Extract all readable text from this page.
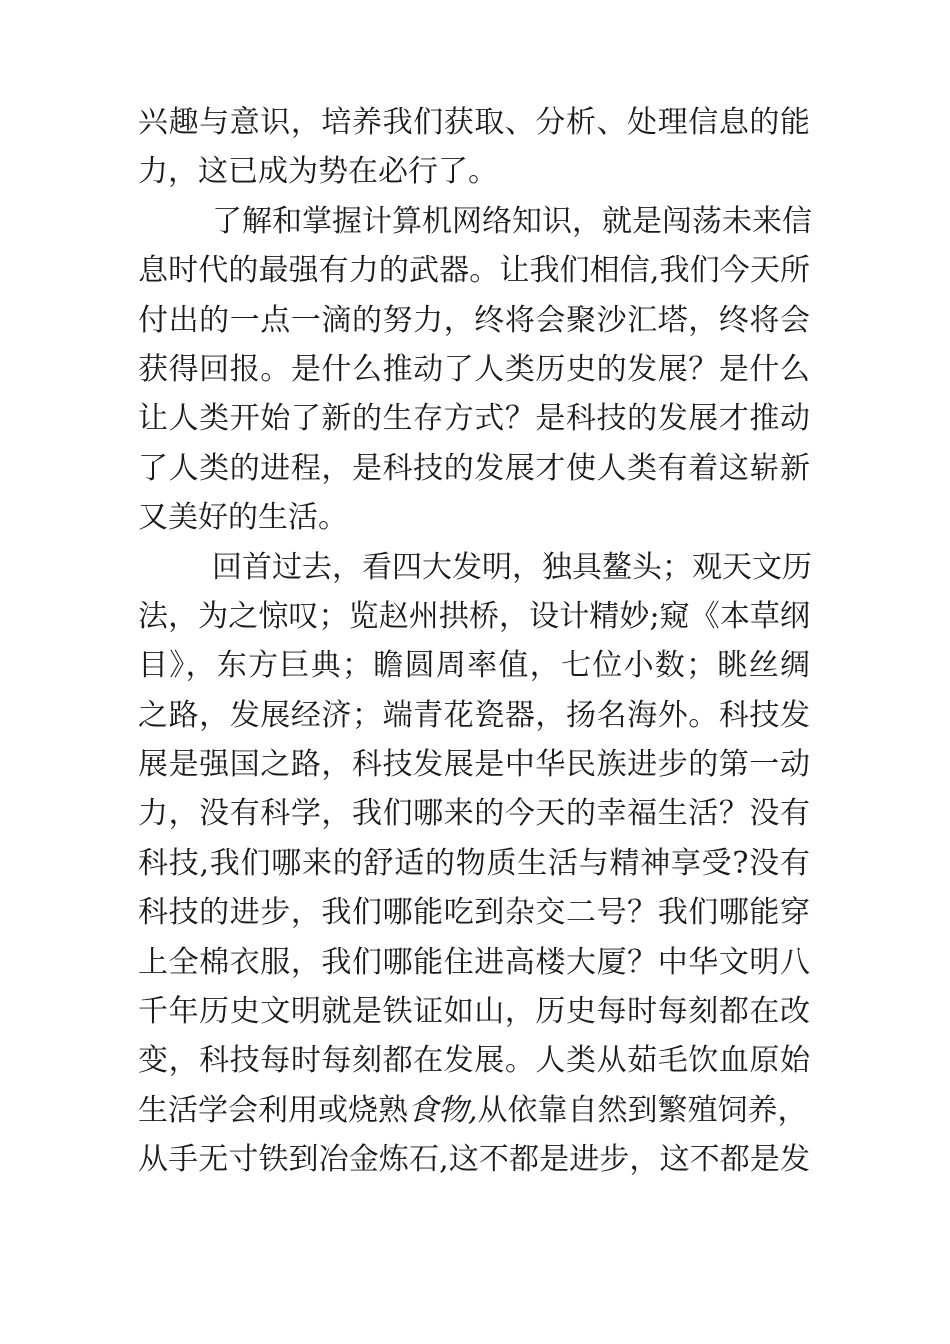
兴趣与意识，培养我们获取、分析、处理信息的能
力，这已成为势在必行了。
了解和掌握计算机网络知识，就是闯荡未来信
息时代的最强有力的武器。让我们相信,我们今天所
付出的一点一滴的努力，终将会聚沙汇塔，终将会
获得回报。是什么推动了人类历史的发展？是什么
让人类开始了新的生存方式？是科技的发展才推动
了人类的进程，是科技的发展才使人类有着这崭新
又美好的生活。
回首过去，看四大发明，独具鳌头；观天文历
法，为之惊叹；览赵州拱桥，设计精妙;窥《本草纲
目》，东方巨典；瞻圆周率值，七位小数；眺丝绸
之路，发展经济；端青花瓷器，扬名海外。科技发
展是强国之路，科技发展是中华民族进步的第一动
力，没有科学，我们哪来的今天的幸福生活？没有
科技,我们哪来的舒适的物质生活与精神享受?没有
科技的进步，我们哪能吃到杂交二号？我们哪能穿
上全棉衣服，我们哪能住进高楼大厦？中华文明八
千年历史文明就是铁证如山，历史每时每刻都在改
变，科技每时每刻都在发展。人类从茹毛饮血原始
生活学会利用或烧熟食物,从依靠自然到繁殖饲养，
从手无寸铁到冶金炼石,这不都是进步，这不都是发
